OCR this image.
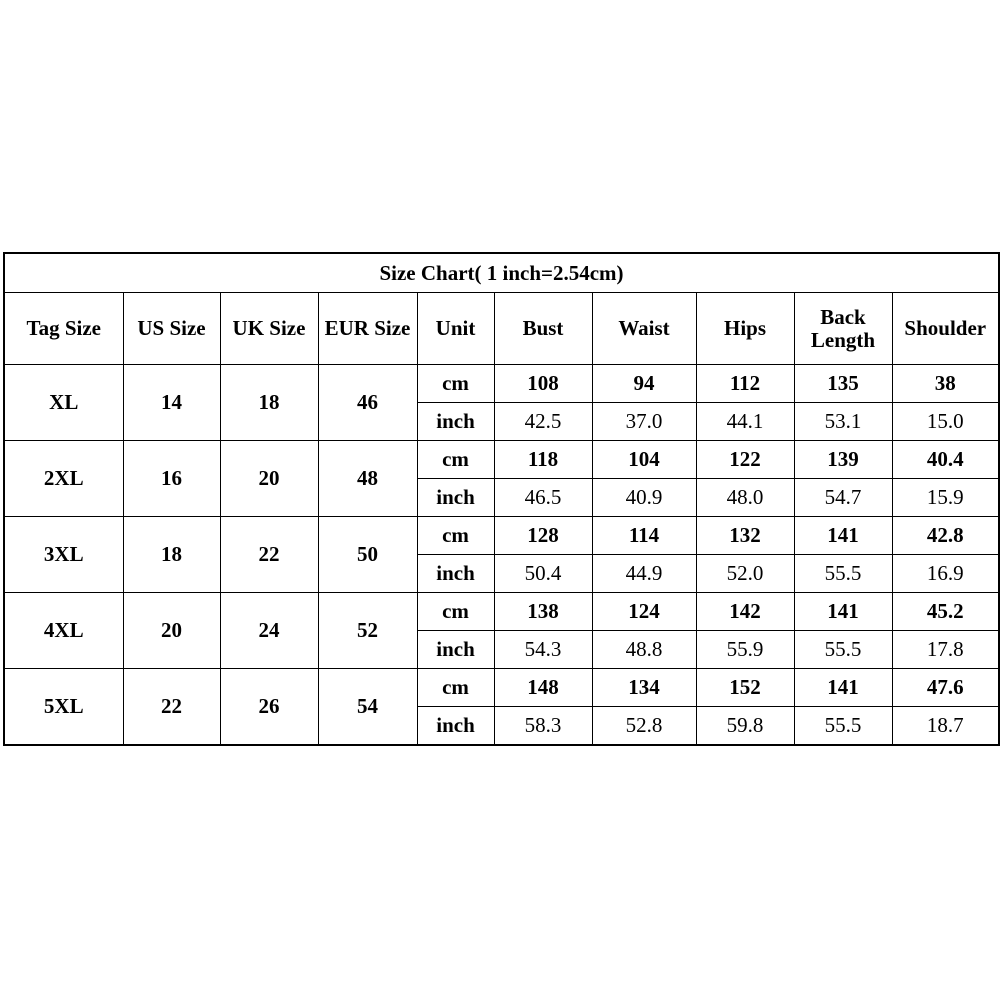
Size Chart( 1 inch=2.54cm)									
Tag Size	US Size	UK Size	EUR Size	Unit	Bust	Waist	Hips	Back Length	Shoulder
XL	14	18	46	cm	108	94	112	135	38
				inch	42.5	37.0	44.1	53.1	15.0
2XL	16	20	48	cm	118	104	122	139	40.4
				inch	46.5	40.9	48.0	54.7	15.9
3XL	18	22	50	cm	128	114	132	141	42.8
				inch	50.4	44.9	52.0	55.5	16.9
4XL	20	24	52	cm	138	124	142	141	45.2
				inch	54.3	48.8	55.9	55.5	17.8
5XL	22	26	54	cm	148	134	152	141	47.6
				inch	58.3	52.8	59.8	55.5	18.7
